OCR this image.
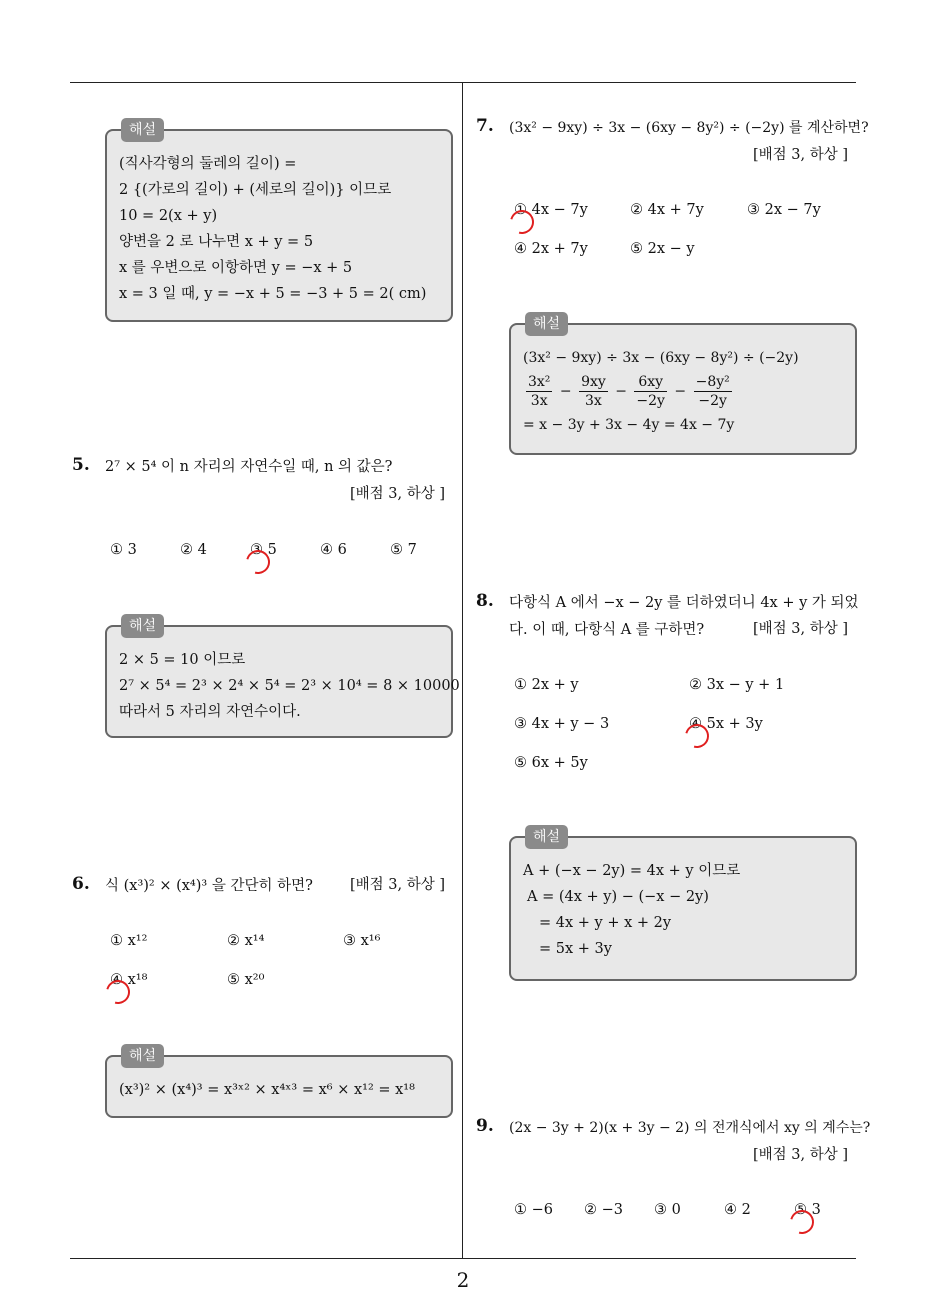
해설
(직사각형의 둘레의 길이) =
2 {(가로의 길이) + (세로의 길이)} 이므로
10 = 2(x + y)
양변을 2 로 나누면 x + y = 5
x 를 우변으로 이항하면 y = −x + 5
x = 3 일 때, y = −x + 5 = −3 + 5 = 2( cm)
5. 2⁷ × 5⁴ 이 n 자리의 자연수일 때, n 의 값은?
[배점 3, 하상 ]
① 3	② 4	③ 5	④ 6	⑤ 7
해설
2 × 5 = 10 이므로
2⁷ × 5⁴ = 2³ × 2⁴ × 5⁴ = 2³ × 10⁴ = 8 × 10000
따라서 5 자리의 자연수이다.
6. 식 (x³)² × (x⁴)³ 을 간단히 하면?	[배점 3, 하상 ]
① x¹²	② x¹⁴	③ x¹⁶
④ x¹⁸	⑤ x²⁰
해설
(x³)² × (x⁴)³ = x³ˣ² × x⁴ˣ³ = x⁶ × x¹² = x¹⁸
7. (3x² − 9xy) ÷ 3x − (6xy − 8y²) ÷ (−2y) 를 계산하면?
[배점 3, 하상 ]
① 4x − 7y	② 4x + 7y	③ 2x − 7y
④ 2x + 7y	⑤ 2x − y
해설
(3x² − 9xy) ÷ 3x − (6xy − 8y²) ÷ (−2y)
$\frac{\text{3x²}}{3x} - \frac{9xy}{3x} - \frac{6xy}{-2y} - \frac{\text{−8y²}}{-2y}$
= x − 3y + 3x − 4y = 4x − 7y
8. 다항식 A 에서 −x − 2y 를 더하였더니 4x + y 가 되었
다. 이 때, 다항식 A 를 구하면?	[배점 3, 하상 ]
① 2x + y	② 3x − y + 1
③ 4x + y − 3	④ 5x + 3y
⑤ 6x + 5y
해설
A + (−x − 2y) = 4x + y 이므로
A = (4x + y) − (−x − 2y)
= 4x + y + x + 2y
= 5x + 3y
9. (2x − 3y + 2)(x + 3y − 2) 의 전개식에서 xy 의 계수는?
[배점 3, 하상 ]
① −6 ② −3 ③ 0	④ 2	⑤ 3
2
